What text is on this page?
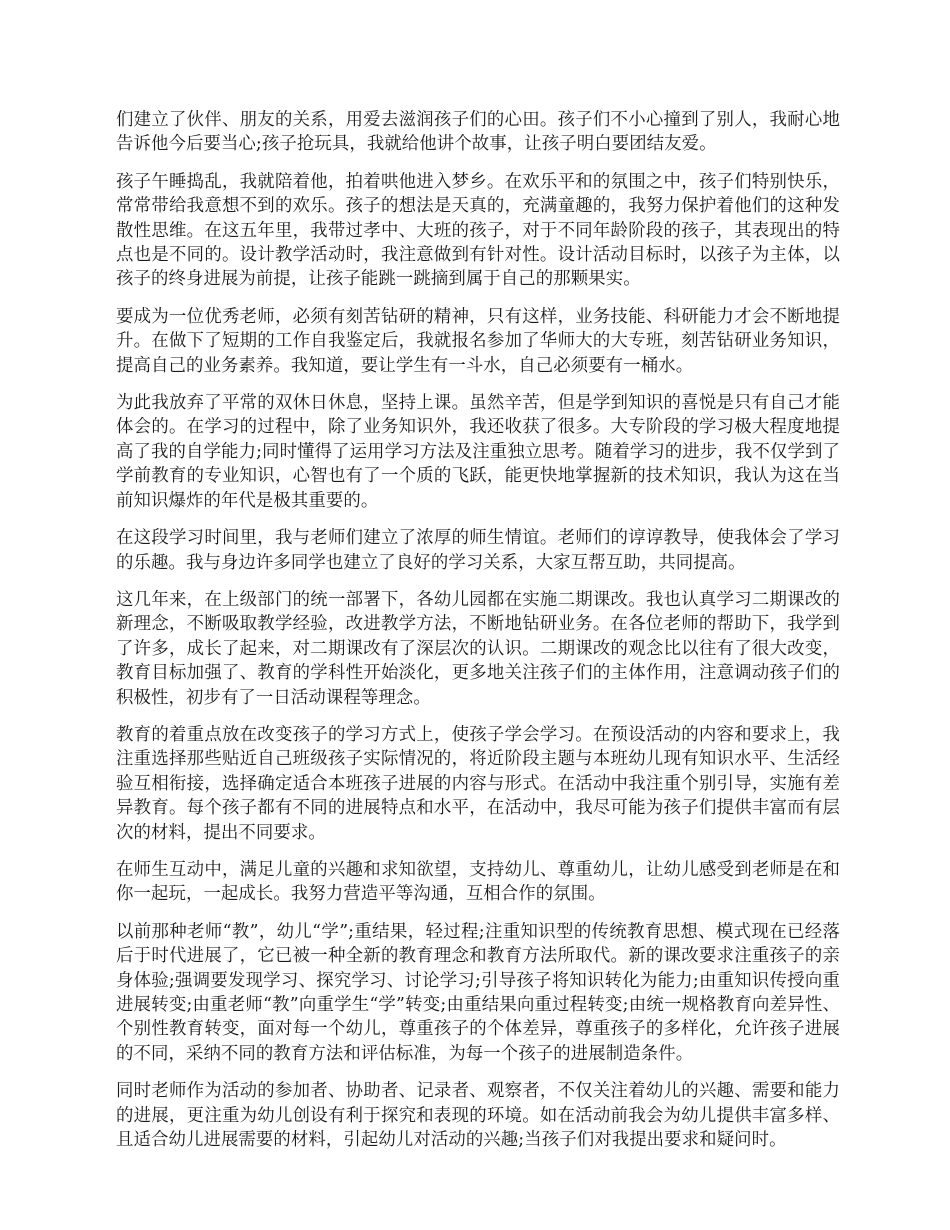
们建立了伙伴、朋友的关系，用爱去滋润孩子们的心田。孩子们不小心撞到了别人，我耐心地告诉他今后要当心;孩子抢玩具，我就给他讲个故事，让孩子明白要团结友爱。

孩子午睡捣乱，我就陪着他，拍着哄他进入梦乡。在欢乐平和的氛围之中，孩子们特别快乐，常常带给我意想不到的欢乐。孩子的想法是天真的，充满童趣的，我努力保护着他们的这种发散性思维。在这五年里，我带过孝中、大班的孩子，对于不同年龄阶段的孩子，其表现出的特点也是不同的。设计教学活动时，我注意做到有针对性。设计活动目标时，以孩子为主体，以孩子的终身进展为前提，让孩子能跳一跳摘到属于自己的那颗果实。

要成为一位优秀老师，必须有刻苦钻研的精神，只有这样，业务技能、科研能力才会不断地提升。在做下了短期的工作自我鉴定后，我就报名参加了华师大的大专班，刻苦钻研业务知识，提高自己的业务素养。我知道，要让学生有一斗水，自己必须要有一桶水。

为此我放弃了平常的双休日休息，坚持上课。虽然辛苦，但是学到知识的喜悦是只有自己才能体会的。在学习的过程中，除了业务知识外，我还收获了很多。大专阶段的学习极大程度地提高了我的自学能力;同时懂得了运用学习方法及注重独立思考。随着学习的进步，我不仅学到了学前教育的专业知识，心智也有了一个质的飞跃，能更快地掌握新的技术知识，我认为这在当前知识爆炸的年代是极其重要的。

在这段学习时间里，我与老师们建立了浓厚的师生情谊。老师们的谆谆教导，使我体会了学习的乐趣。我与身边许多同学也建立了良好的学习关系，大家互帮互助，共同提高。

这几年来，在上级部门的统一部署下，各幼儿园都在实施二期课改。我也认真学习二期课改的新理念，不断吸取教学经验，改进教学方法，不断地钻研业务。在各位老师的帮助下，我学到了许多，成长了起来，对二期课改有了深层次的认识。二期课改的观念比以往有了很大改变，教育目标加强了、教育的学科性开始淡化，更多地关注孩子们的主体作用，注意调动孩子们的积极性，初步有了一日活动课程等理念。

教育的着重点放在改变孩子的学习方式上，使孩子学会学习。在预设活动的内容和要求上，我注重选择那些贴近自己班级孩子实际情况的，将近阶段主题与本班幼儿现有知识水平、生活经验互相衔接，选择确定适合本班孩子进展的内容与形式。在活动中我注重个别引导，实施有差异教育。每个孩子都有不同的进展特点和水平，在活动中，我尽可能为孩子们提供丰富而有层次的材料，提出不同要求。

在师生互动中，满足儿童的兴趣和求知欲望，支持幼儿、尊重幼儿，让幼儿感受到老师是在和你一起玩，一起成长。我努力营造平等沟通，互相合作的氛围。

以前那种老师“教”，幼儿“学”;重结果，轻过程;注重知识型的传统教育思想、模式现在已经落后于时代进展了，它已被一种全新的教育理念和教育方法所取代。新的课改要求注重孩子的亲身体验;强调要发现学习、探究学习、讨论学习;引导孩子将知识转化为能力;由重知识传授向重进展转变;由重老师“教”向重学生“学”转变;由重结果向重过程转变;由统一规格教育向差异性、个别性教育转变，面对每一个幼儿，尊重孩子的个体差异，尊重孩子的多样化，允许孩子进展的不同，采纳不同的教育方法和评估标准，为每一个孩子的进展制造条件。

同时老师作为活动的参加者、协助者、记录者、观察者，不仅关注着幼儿的兴趣、需要和能力的进展，更注重为幼儿创设有利于探究和表现的环境。如在活动前我会为幼儿提供丰富多样、且适合幼儿进展需要的材料，引起幼儿对活动的兴趣;当孩子们对我提出要求和疑问时。
